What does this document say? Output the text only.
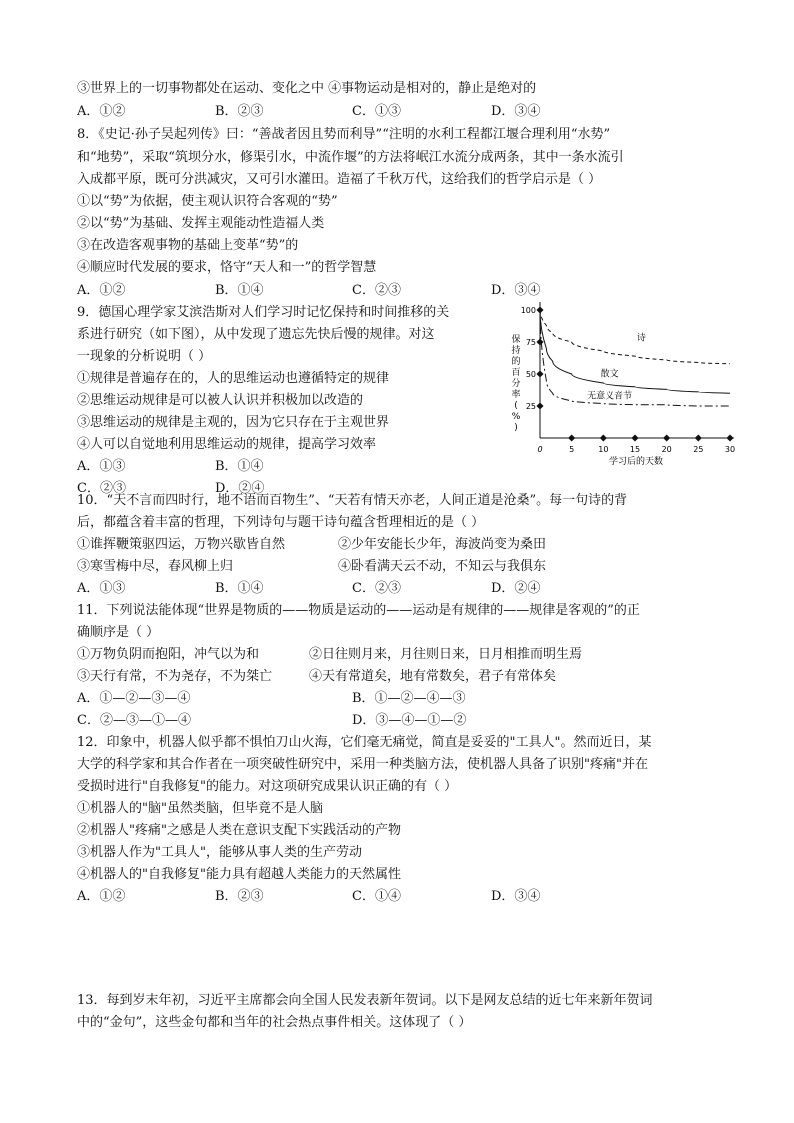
③世界上的一切事物都处在运动、变化之中 ④事物运动是相对的，静止是绝对的
A．①②	B．②③	C．①③	D．③④
8．《史记·孙子吴起列传》曰：“善战者因且势而利导”“注明的水利工程都江堰合理利用“水势”
和“地势”，采取“筑坝分水，修渠引水，中流作堰”的方法将岷江水流分成两条，其中一条水流引
入成都平原，既可分洪减灾，又可引水灌田。造福了千秋万代，这给我们的哲学启示是（ ）
①以“势”为依据，使主观认识符合客观的“势”
②以“势”为基础、发挥主观能动性造福人类
③在改造客观事物的基础上变革“势”的
④顺应时代发展的要求，恪守“天人和一”的哲学智慧
A．①②	B．①④	C．②③	D．③④
9．德国心理学家艾滨浩斯对人们学习时记忆保持和时间推移的关
系进行研究（如下图），从中发现了遗忘先快后慢的规律。对这
一现象的分析说明（ ）
①规律是普遍存在的，人的思维运动也遵循特定的规律
②思维运动规律是可以被人认识并积极加以改造的
③思维运动的规律是主观的，因为它只存在于主观世界
④人可以自觉地利用思维运动的规律，提高学习效率
A．①③	B．①④
C．②③	D．②④
保
持
的
百
分
率
(
%
)
25
50
75
100
0	5	10	15	20	25	30
诗
散文
无意义音节
学习后的天数
10．“天不言而四时行，地不语而百物生”、“天若有情天亦老，人间正道是沧桑”。每一句诗的背
后，都蕴含着丰富的哲理，下列诗句与题干诗句蕴含哲理相近的是（ ）
①谁挥鞭策驱四运，万物兴歇皆自然	②少年安能长少年，海波尚变为桑田
③寒雪梅中尽，春风柳上归	④卧看满天云不动，不知云与我俱东
A．①③	B．①④	C．②③	D．②④
11．下列说法能体现“世界是物质的——物质是运动的——运动是有规律的——规律是客观的”的正
确顺序是（ ）
①万物负阴而抱阳，冲气以为和	②日往则月来，月往则日来，日月相推而明生焉
③天行有常，不为尧存，不为桀亡	④天有常道矣，地有常数矣，君子有常体矣
A．①—②—③—④	B．①—②—④—③
C．②—③—①—④	D．③—④—①—②
12．印象中，机器人似乎都不惧怕刀山火海，它们毫无痛觉，简直是妥妥的"工具人"。然而近日，某
大学的科学家和其合作者在一项突破性研究中，采用一种类脑方法，使机器人具备了识别"疼痛"并在
受损时进行"自我修复"的能力。对这项研究成果认识正确的有（ ）
①机器人的"脑"虽然类脑，但毕竟不是人脑
②机器人"疼痛"之感是人类在意识支配下实践活动的产物
③机器人作为"工具人"，能够从事人类的生产劳动
④机器人的"自我修复"能力具有超越人类能力的天然属性
A．①②	B．②③	C．①④	D．③④
13．每到岁末年初，习近平主席都会向全国人民发表新年贺词。以下是网友总结的近七年来新年贺词
中的“金句”，这些金句都和当年的社会热点事件相关。这体现了（ ）
